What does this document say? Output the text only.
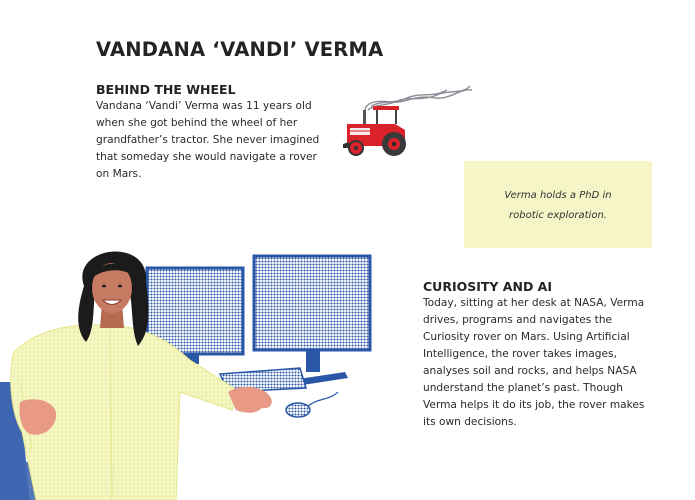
VANDANA ‘VANDI’ VERMA
BEHIND THE WHEEL
Vandana ‘Vandi’ Verma was 11 years old
when she got behind the wheel of her
grandfather’s tractor. She never imagined
that someday she would navigate a rover
on Mars.
Verma holds a PhD in
robotic exploration.
CURIOSITY AND AI
Today, sitting at her desk at NASA, Verma
drives, programs and navigates the
Curiosity rover on Mars. Using Artificial
Intelligence, the rover takes images,
analyses soil and rocks, and helps NASA
understand the planet’s past. Though
Verma helps it do its job, the rover makes
its own decisions.
